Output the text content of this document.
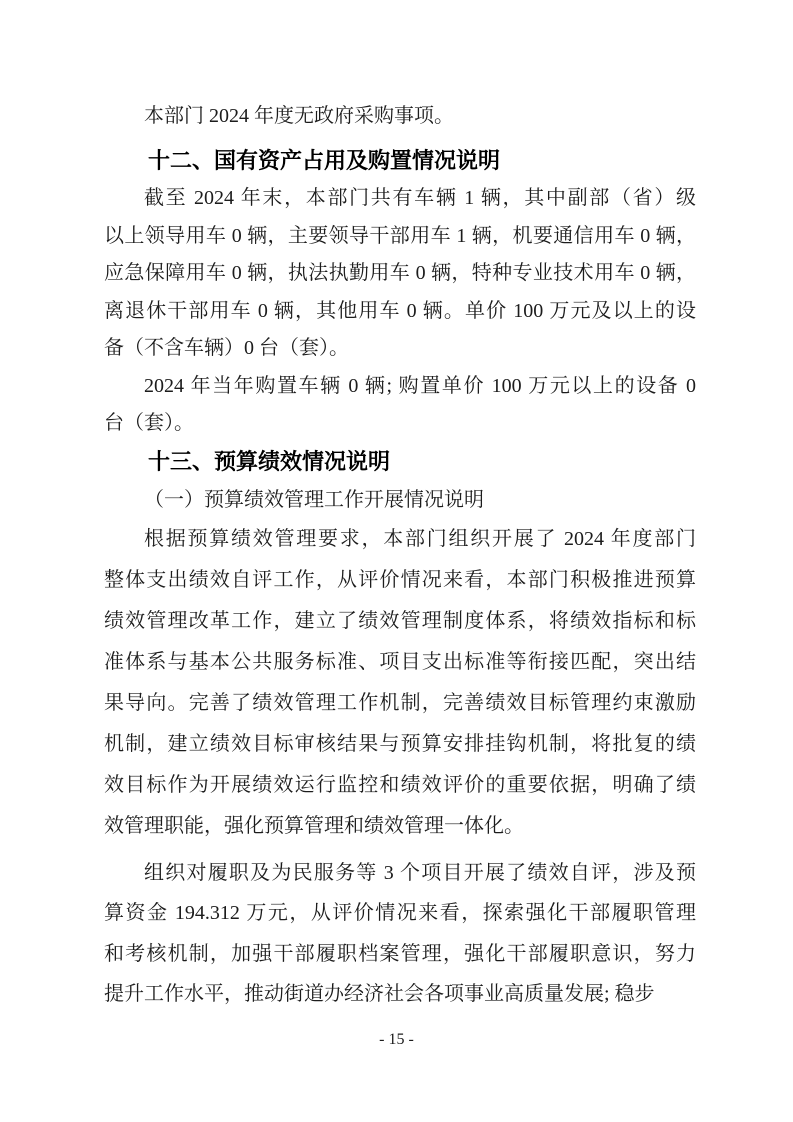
本部门 2024 年度无政府采购事项。
十二、国有资产占用及购置情况说明
截至 2024 年末，本部门共有车辆 1 辆，其中副部（省）级
以上领导用车 0 辆，主要领导干部用车 1 辆，机要通信用车 0 辆，
应急保障用车 0 辆，执法执勤用车 0 辆，特种专业技术用车 0 辆，
离退休干部用车 0 辆，其他用车 0 辆。单价 100 万元及以上的设
备（不含车辆）0 台（套）。
2024 年当年购置车辆 0 辆; 购置单价 100 万元以上的设备 0
台（套）。
十三、预算绩效情况说明
（一）预算绩效管理工作开展情况说明
根据预算绩效管理要求，本部门组织开展了 2024 年度部门
整体支出绩效自评工作，从评价情况来看，本部门积极推进预算
绩效管理改革工作，建立了绩效管理制度体系，将绩效指标和标
准体系与基本公共服务标准、项目支出标准等衔接匹配，突出结
果导向。完善了绩效管理工作机制，完善绩效目标管理约束激励
机制，建立绩效目标审核结果与预算安排挂钩机制，将批复的绩
效目标作为开展绩效运行监控和绩效评价的重要依据，明确了绩
效管理职能，强化预算管理和绩效管理一体化。
组织对履职及为民服务等 3 个项目开展了绩效自评，涉及预
算资金 194.312 万元，从评价情况来看，探索强化干部履职管理
和考核机制，加强干部履职档案管理，强化干部履职意识，努力
提升工作水平，推动街道办经济社会各项事业高质量发展; 稳步
- 15 -
